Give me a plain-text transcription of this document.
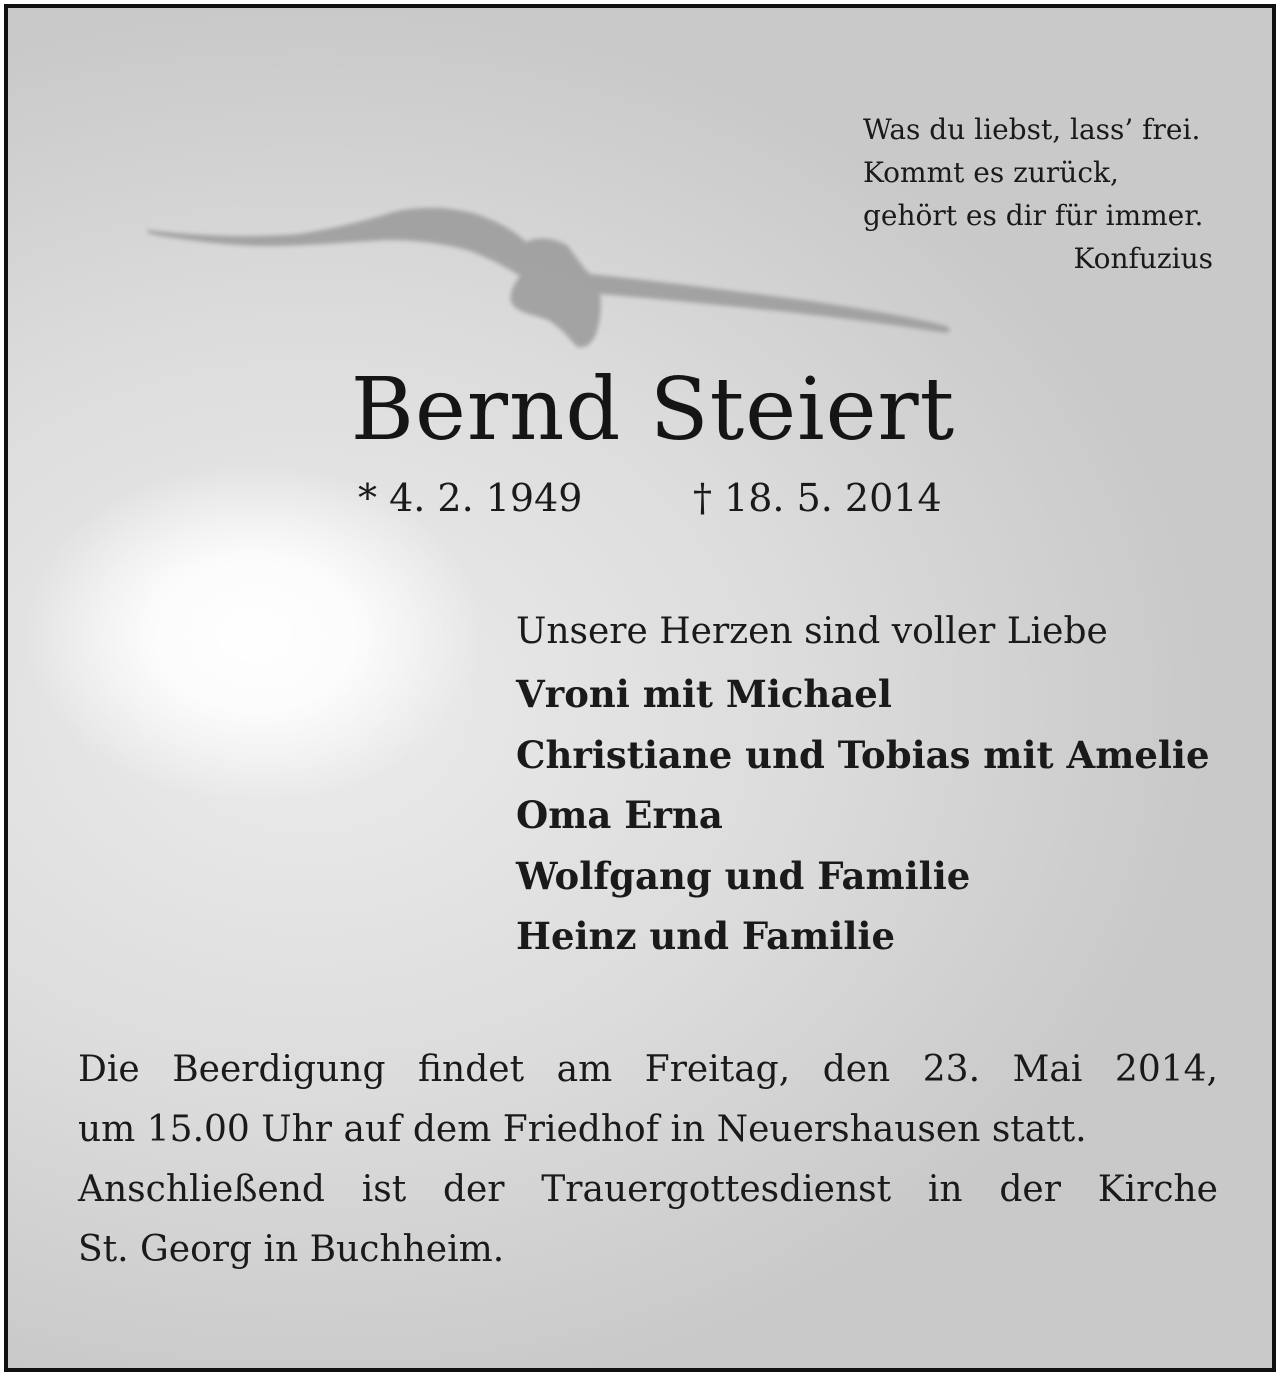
Was du liebst, lass’ frei.
Kommt es zurück,
gehört es dir für immer.
Konfuzius
Bernd Steiert
* 4. 2. 1949	† 18. 5. 2014
Unsere Herzen sind voller Liebe
Vroni mit Michael
Christiane und Tobias mit Amelie
Oma Erna
Wolfgang und Familie
Heinz und Familie
Die Beerdigung findet am Freitag, den 23. Mai 2014,
um 15.00 Uhr auf dem Friedhof in Neuershausen statt.
Anschließend ist der Trauergottesdienst in der Kirche
St. Georg in Buchheim.
